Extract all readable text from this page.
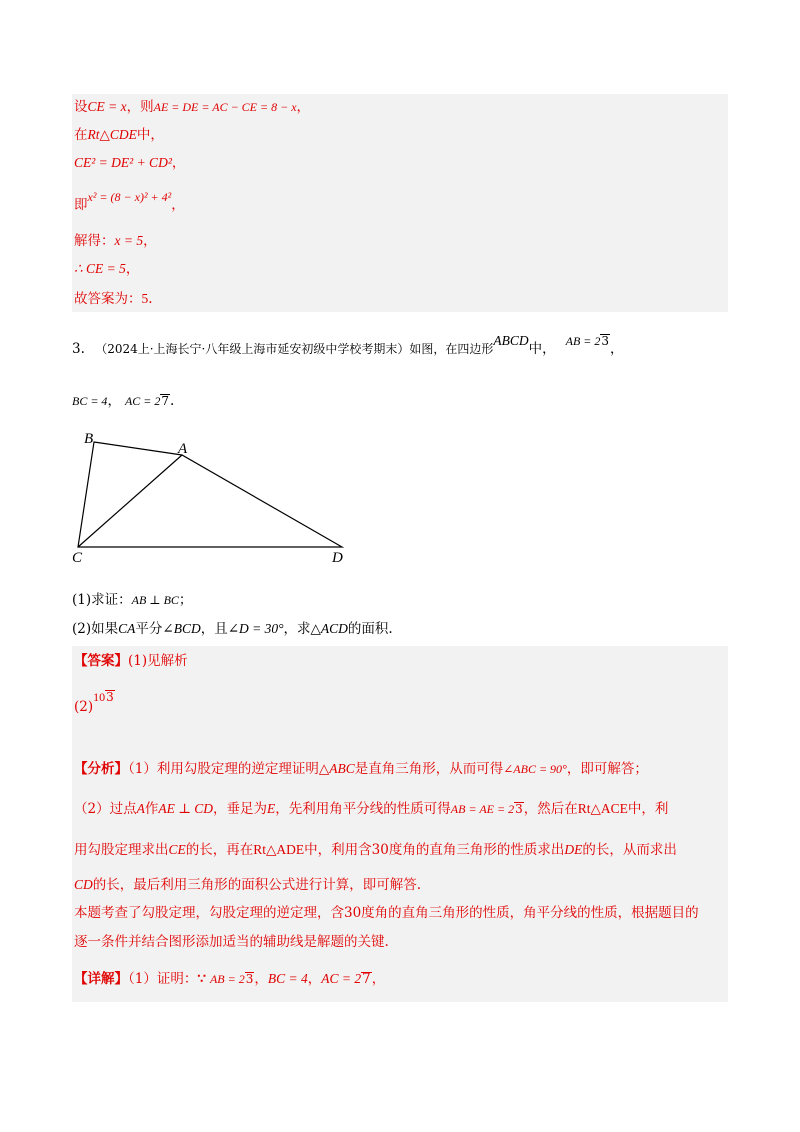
设CE = x，则AE = DE = AC − CE = 8 − x，
在Rt△CDE中，
CE² = DE² + CD²，
即x² = (8 − x)² + 4²，
解得：x = 5，
∴ CE = 5，
故答案为：5.
3. （2024上·上海长宁·八年级上海市延安初级中学校考期末）如图，在四边形ABCD中， AB = 23，
BC = 4， AC = 27.
B
A
C	D
(1)求证：AB ⊥ BC；
(2)如果CA平分∠BCD，且∠D = 30°，求△ACD的面积.
【答案】(1)见解析
(2)103
【分析】（1）利用勾股定理的逆定理证明△ABC是直角三角形，从而可得∠ABC = 90°，即可解答；
（2）过点A作AE ⊥ CD，垂足为E，先利用角平分线的性质可得AB = AE = 23，然后在Rt△ACE中，利
用勾股定理求出CE的长，再在Rt△ADE中，利用含30度角的直角三角形的性质求出DE的长，从而求出
CD的长，最后利用三角形的面积公式进行计算，即可解答.
本题考查了勾股定理，勾股定理的逆定理，含30度角的直角三角形的性质，角平分线的性质，根据题目的
逐一条件并结合图形添加适当的辅助线是解题的关键.
【详解】（1）证明：∵ AB = 23，BC = 4，AC = 27，
